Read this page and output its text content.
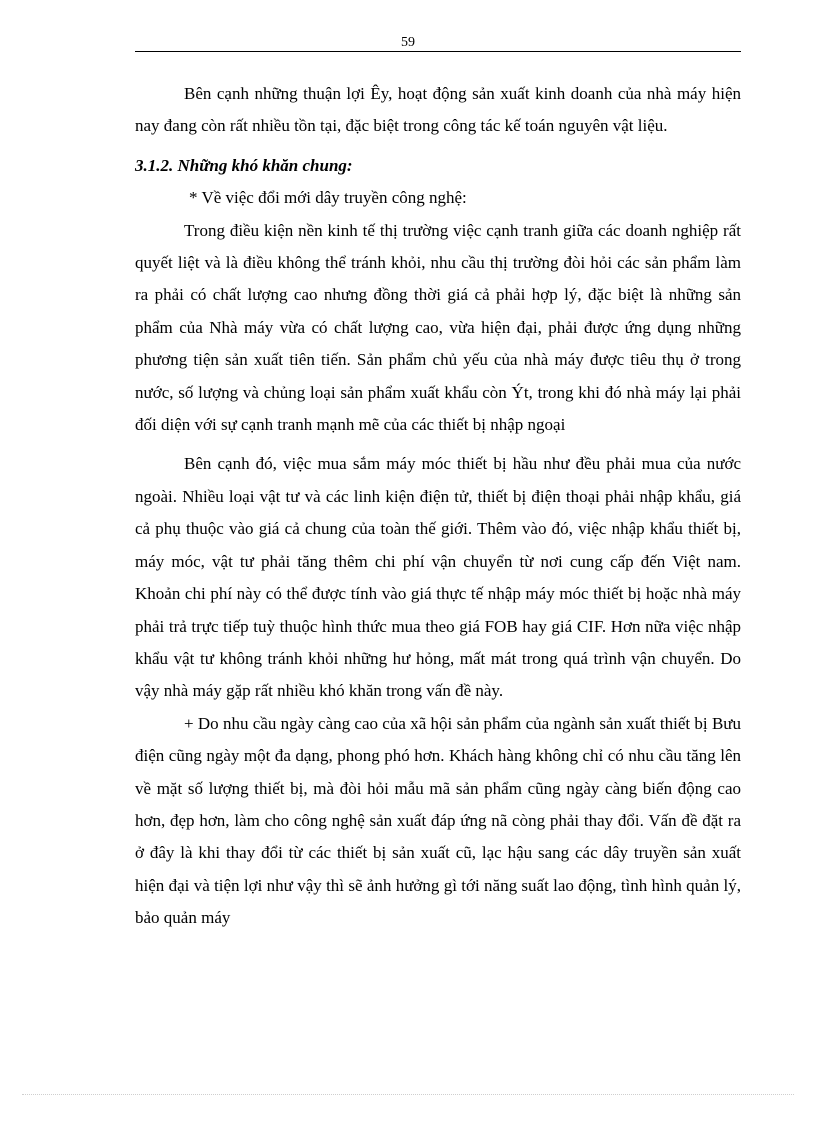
59

Bên cạnh những thuận lợi Êy, hoạt động sản xuất kinh doanh của nhà máy hiện nay đang còn rất nhiều tồn tại, đặc biệt trong công tác kế toán nguyên vật liệu.

3.1.2. Những khó khăn chung:

* Về việc đổi mới dây truyền công nghệ:

Trong điều kiện nền kinh tế thị trường việc cạnh tranh giữa các doanh nghiệp rất quyết liệt và là điều không thể tránh khỏi, nhu cầu thị trường đòi hỏi các sản phẩm làm ra phải có chất lượng cao nhưng đồng thời giá cả phải hợp lý, đặc biệt là những sản phẩm của Nhà máy vừa có chất lượng cao, vừa hiện đại, phải được ứng dụng những phương tiện sản xuất tiên tiến. Sản phẩm chủ yếu của nhà máy được tiêu thụ ở trong nước, số lượng và chủng loại sản phẩm xuất khẩu còn Ýt, trong khi đó nhà máy lại phải đối diện với sự cạnh tranh mạnh mẽ của các thiết bị nhập ngoại

Bên cạnh đó, việc mua sắm máy móc thiết bị hầu như đều phải mua của nước ngoài. Nhiều loại vật tư và các linh kiện điện tử, thiết bị điện thoại phải nhập khẩu, giá cả phụ thuộc vào giá cả chung của toàn thế giới. Thêm vào đó, việc nhập khẩu thiết bị, máy móc, vật tư phải tăng thêm chi phí vận chuyển từ nơi cung cấp đến Việt nam. Khoản chi phí này có thể được tính vào giá thực tế nhập máy móc thiết bị hoặc nhà máy phải trả trực tiếp tuỳ thuộc hình thức mua theo giá FOB hay giá CIF. Hơn nữa việc nhập khẩu vật tư không tránh khỏi những hư hỏng, mất mát trong quá trình vận chuyển. Do vậy nhà máy gặp rất nhiều khó khăn trong vấn đề này.

+ Do nhu cầu ngày càng cao của xã hội sản phẩm của ngành sản xuất thiết bị Bưu điện cũng ngày một đa dạng, phong phó hơn. Khách hàng không chỉ có nhu cầu tăng lên về mặt số lượng thiết bị, mà đòi hỏi mẫu mã sản phẩm cũng ngày càng biến động cao hơn, đẹp hơn, làm cho công nghệ sản xuất đáp ứng nã còng phải thay đổi. Vấn đề đặt ra ở đây là khi thay đổi từ các thiết bị sản xuất cũ, lạc hậu sang các dây truyền sản xuất hiện đại và tiện lợi như vậy thì sẽ ảnh hưởng gì tới năng suất lao động, tình hình quản lý, bảo quản máy
